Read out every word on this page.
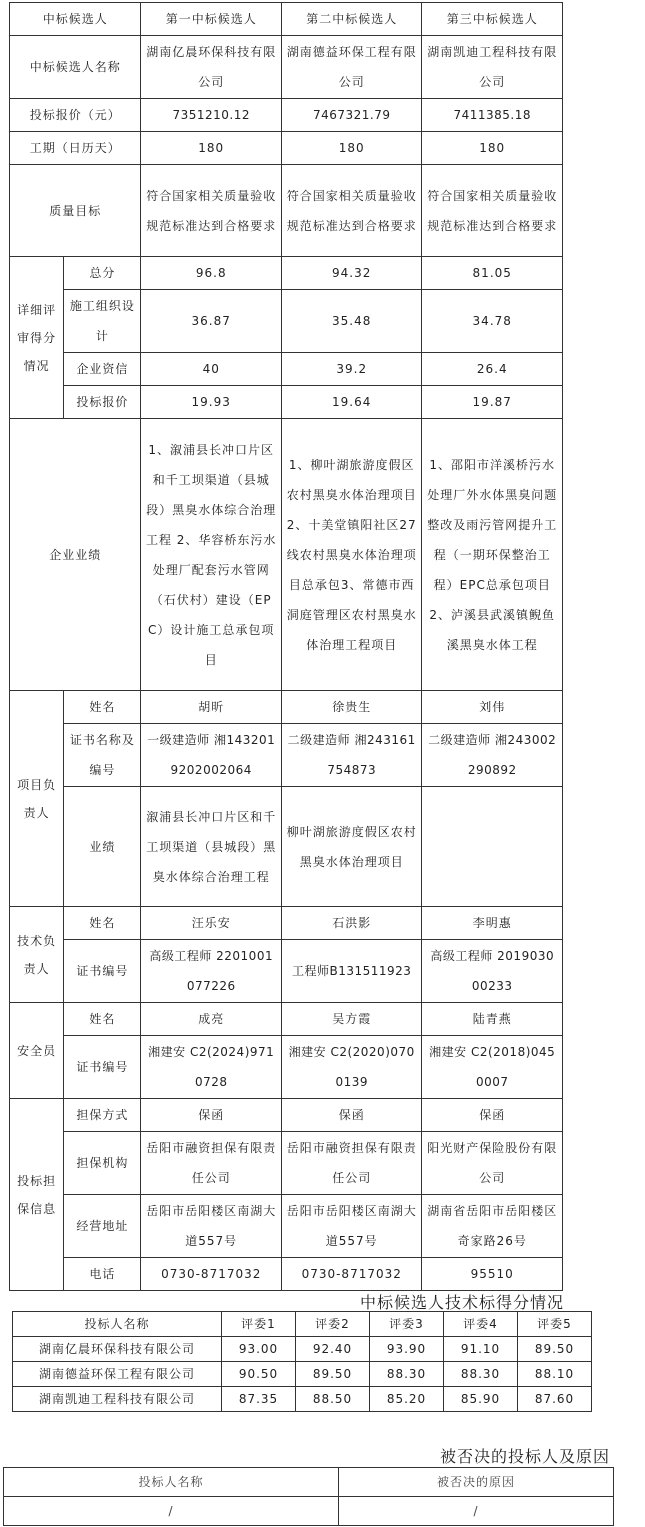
中标候选人		第一中标候选人	第二中标候选人	第三中标候选人
中标候选人名称		湖南亿晨环保科技有限公司	湖南德益环保工程有限公司	湖南凯迪工程科技有限公司
投标报价（元）		7351210.12	7467321.79	7411385.18
工期（日历天）		180	180	180
质量目标		符合国家相关质量验收规范标准达到合格要求	符合国家相关质量验收规范标准达到合格要求	符合国家相关质量验收规范标准达到合格要求
详细评审得分情况	总分	96.8	94.32	81.05
	施工组织设计	36.87	35.48	34.78
	企业资信	40	39.2	26.4
	投标报价	19.93	19.64	19.87
企业业绩		1、溆浦县长冲口片区和千工坝渠道（县城段）黑臭水体综合治理工程 2、华容桥东污水处理厂配套污水管网（石伏村）建设（EPC）设计施工总承包项目	1、柳叶湖旅游度假区农村黑臭水体治理项目 2、十美堂镇阳社区27线农村黑臭水体治理项目总承包3、常德市西洞庭管理区农村黑臭水体治理工程项目	1、邵阳市洋溪桥污水处理厂外水体黑臭问题整改及雨污管网提升工程（一期环保整治工程）EPC总承包项目 2、泸溪县武溪镇鲵鱼溪黑臭水体工程
项目负责人	姓名	胡昕	徐贵生	刘伟
	证书名称及编号	一级建造师 湘1432019202002064	二级建造师 湘243161754873	二级建造师 湘243002290892
	业绩	溆浦县长冲口片区和千工坝渠道（县城段）黑臭水体综合治理工程	柳叶湖旅游度假区农村黑臭水体治理项目	
技术负责人	姓名	汪乐安	石洪影	李明惠
	证书编号	高级工程师 2201001077226	工程师B131511923	高级工程师 201903000233
安全员	姓名	成亮	吴方霞	陆青燕
	证书编号	湘建安 C2(2024)9710728	湘建安 C2(2020)0700139	湘建安 C2(2018)0450007
投标担保信息	担保方式	保函	保函	保函
	担保机构	岳阳市融资担保有限责任公司	岳阳市融资担保有限责任公司	阳光财产保险股份有限公司
	经营地址	岳阳市岳阳楼区南湖大道557号	岳阳市岳阳楼区南湖大道557号	湖南省岳阳市岳阳楼区奇家路26号
	电话	0730-8717032	0730-8717032	95510
中标候选人技术标得分情况
投标人名称	评委1	评委2	评委3	评委4	评委5
湖南亿晨环保科技有限公司	93.00	92.40	93.90	91.10	89.50
湖南德益环保工程有限公司	90.50	89.50	88.30	88.30	88.10
湖南凯迪工程科技有限公司	87.35	88.50	85.20	85.90	87.60
被否决的投标人及原因
投标人名称	被否决的原因
/	/
